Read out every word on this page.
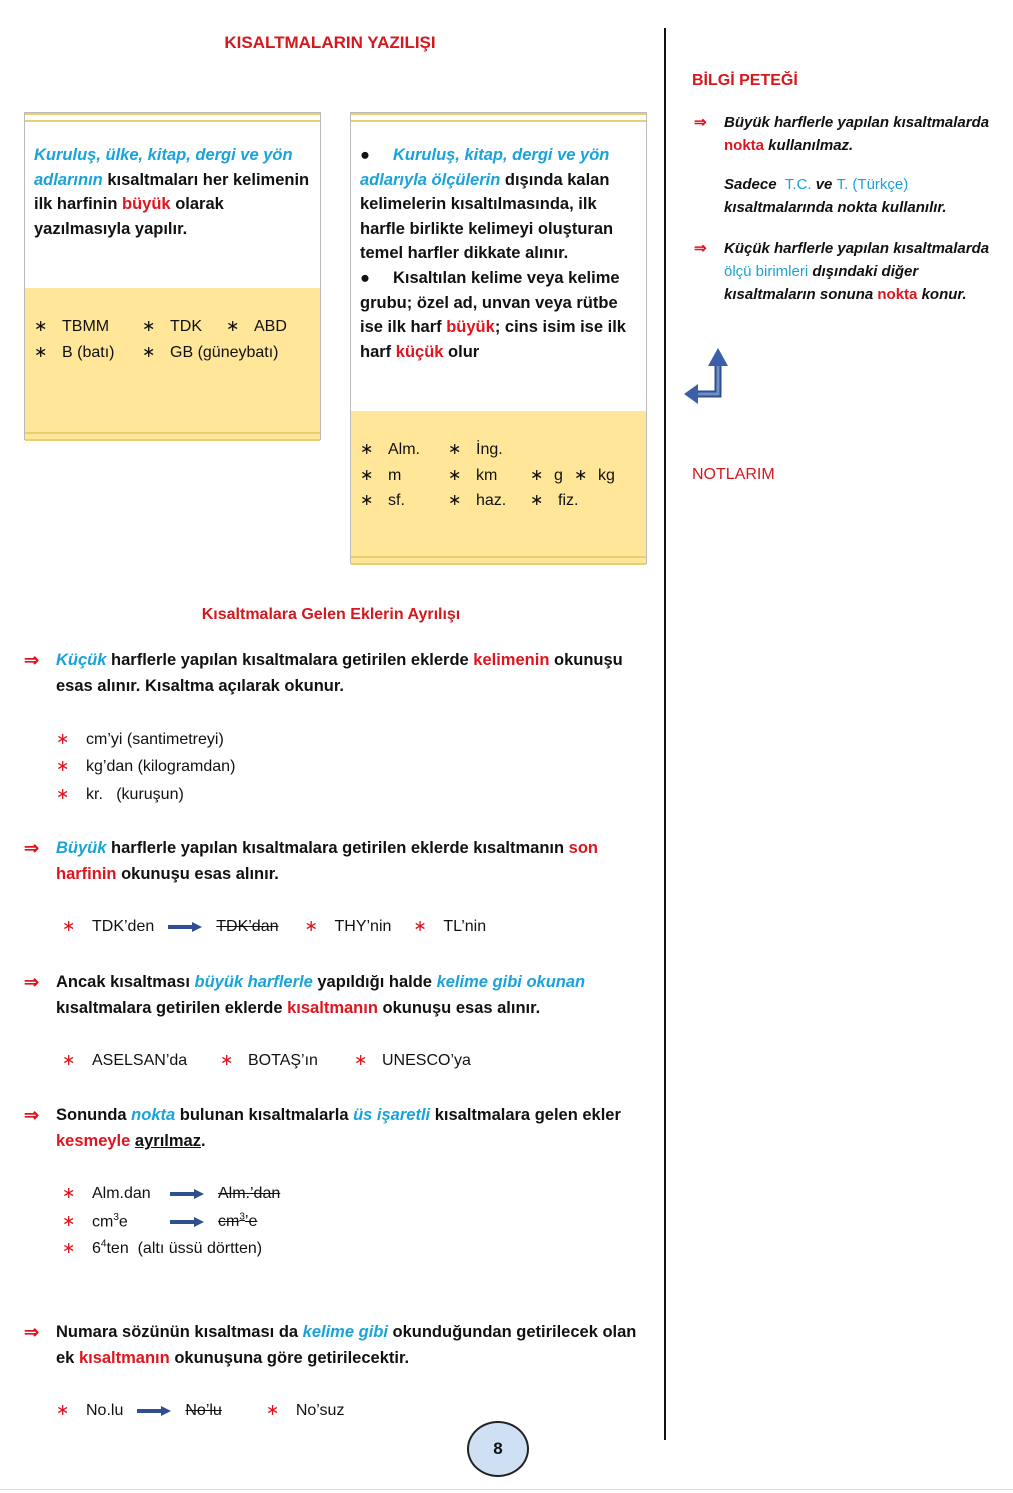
KISALTMALARIN YAZILIŞI
Kuruluş, ülke, kitap, dergi ve yön adlarının kısaltmaları her kelimenin ilk harfinin büyük olarak yazılmasıyla yapılır.
∗ TBMM ∗ TDK ∗ ABD
∗ B (batı) ∗ GB (güneybatı)
● Kuruluş, kitap, dergi ve yön adlarıyla ölçülerin dışında kalan kelimelerin kısaltılmasında, ilk harfle birlikte kelimeyi oluşturan temel harfler dikkate alınır.
● Kısaltılan kelime veya kelime grubu; özel ad, unvan veya rütbe ise ilk harf büyük; cins isim ise ilk harf küçük olur
∗ Alm. ∗ İng.
∗ m	∗ km ∗ g ∗ kg
∗ sf.	∗ haz. ∗ fiz.
Kısaltmalara Gelen Eklerin Ayrılışı
⇒ Küçük harflerle yapılan kısaltmalara getirilen eklerde kelimenin okunuşu esas alınır. Kısaltma açılarak okunur.
∗ cm’yi (santimetreyi)
∗ kg’dan (kilogramdan)
∗ kr.   (kuruşun)
⇒ Büyük harflerle yapılan kısaltmalara getirilen eklerde kısaltmanın son harfinin okunuşu esas alınır.
∗ TDK’den	TDK’dan ∗ THY’nin ∗ TL’nin
⇒ Ancak kısaltması büyük harflerle yapıldığı halde kelime gibi okunan kısaltmalara getirilen eklerde kısaltmanın okunuşu esas alınır.
∗ ASELSAN’da ∗ BOTAŞ’ın ∗ UNESCO’ya
⇒ Sonunda nokta bulunan kısaltmalarla üs işaretli kısaltmalara gelen ekler kesmeyle ayrılmaz.
∗ Alm.dan	Alm.’dan
∗ $cm^3e$	$cm^3’e$
∗ $6^4ten$  (altı üssü dörtten)
⇒ Numara sözünün kısaltması da kelime gibi okunduğundan getirilecek olan ek kısaltmanın okunuşuna göre getirilecektir.
∗ No.lu	No’lu	∗ No’suz
BİLGİ PETEĞİ
⇒ Büyük harflerle yapılan kısaltmalarda nokta kullanılmaz.
Sadece  T.C. ve T. (Türkçe) kısaltmalarında nokta kullanılır.
⇒ Küçük harflerle yapılan kısaltmalarda ölçü birimleri dışındaki diğer kısaltmaların sonuna nokta konur.
NOTLARIM
8
